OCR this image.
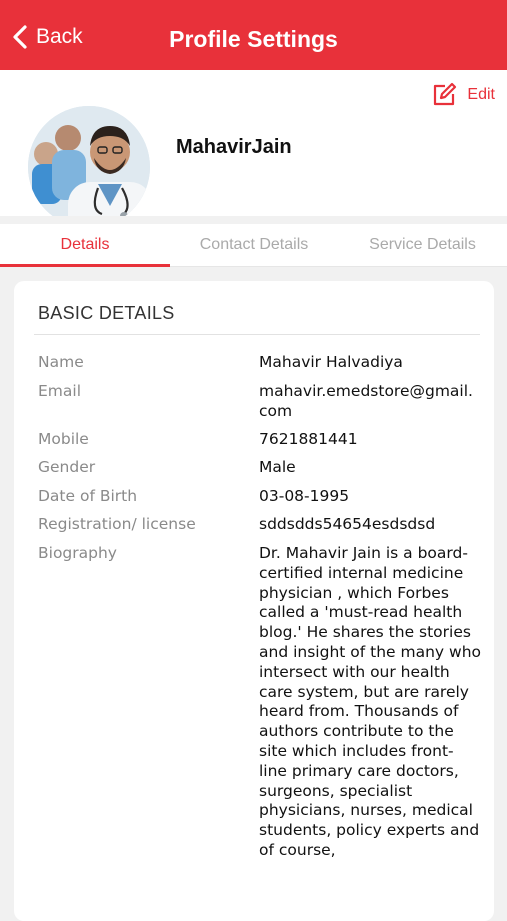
Back	Profile Settings
Edit
MahavirJain
Details	Contact Details	Service Details
BASIC DETAILS
Name	Mahavir Halvadiya
Email	mahavir.emedstore@gmail.com
Mobile	7621881441
Gender	Male
Date of Birth	03-08-1995
Registration/ license	sddsdds54654esdsdsd
Biography	Dr. Mahavir Jain is a board-certified internal medicine physician , which Forbes called a 'must-read health blog.' He shares the stories and insight of the many who intersect with our health care system, but are rarely heard from. Thousands of authors contribute to the site which includes front-line primary care doctors, surgeons, specialist physicians, nurses, medical students, policy experts and of course,
